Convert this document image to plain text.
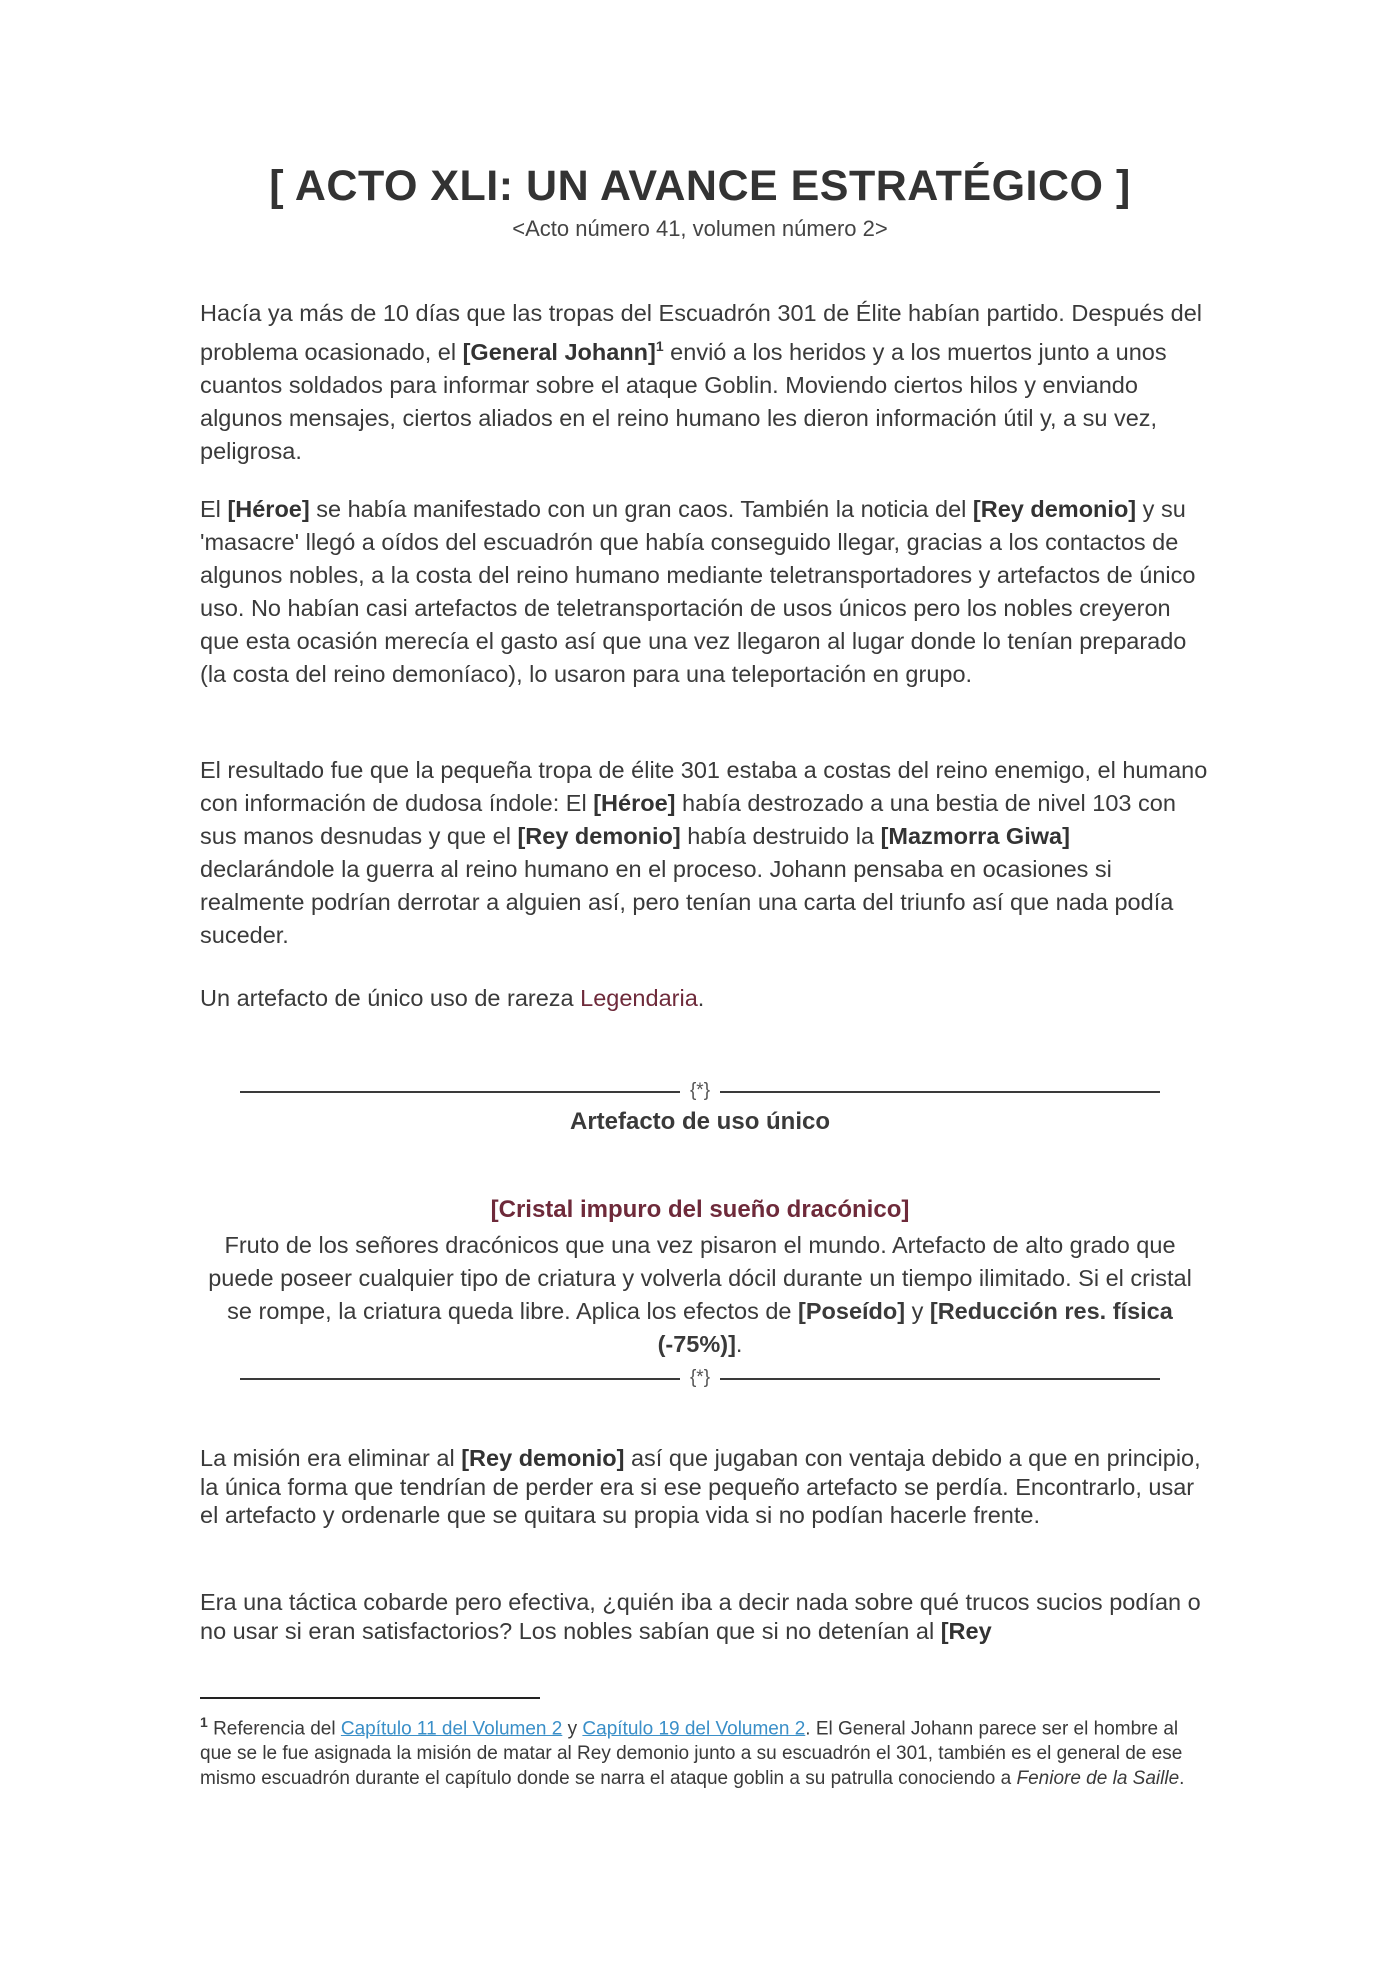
[ ACTO XLI: UN AVANCE ESTRATÉGICO ]
<Acto número 41, volumen número 2>
Hacía ya más de 10 días que las tropas del Escuadrón 301 de Élite habían partido. Después del problema ocasionado, el [General Johann]$^1$ envió a los heridos y a los muertos junto a unos cuantos soldados para informar sobre el ataque Goblin. Moviendo ciertos hilos y enviando algunos mensajes, ciertos aliados en el reino humano les dieron información útil y, a su vez, peligrosa.
El [Héroe] se había manifestado con un gran caos. También la noticia del [Rey demonio] y su 'masacre' llegó a oídos del escuadrón que había conseguido llegar, gracias a los contactos de algunos nobles, a la costa del reino humano mediante teletransportadores y artefactos de único uso. No habían casi artefactos de teletransportación de usos únicos pero los nobles creyeron que esta ocasión merecía el gasto así que una vez llegaron al lugar donde lo tenían preparado (la costa del reino demoníaco), lo usaron para una teleportación en grupo.
El resultado fue que la pequeña tropa de élite 301 estaba a costas del reino enemigo, el humano con información de dudosa índole: El [Héroe] había destrozado a una bestia de nivel 103 con sus manos desnudas y que el [Rey demonio] había destruido la [Mazmorra Giwa] declarándole la guerra al reino humano en el proceso. Johann pensaba en ocasiones si realmente podrían derrotar a alguien así, pero tenían una carta del triunfo así que nada podía suceder.
Un artefacto de único uso de rareza Legendaria.
{*}
Artefacto de uso único
[Cristal impuro del sueño dracónico]
Fruto de los señores dracónicos que una vez pisaron el mundo. Artefacto de alto grado que puede poseer cualquier tipo de criatura y volverla dócil durante un tiempo ilimitado. Si el cristal se rompe, la criatura queda libre. Aplica los efectos de [Poseído] y [Reducción res. física (-75%)].
{*}
La misión era eliminar al [Rey demonio] así que jugaban con ventaja debido a que en principio, la única forma que tendrían de perder era si ese pequeño artefacto se perdía. Encontrarlo, usar el artefacto y ordenarle que se quitara su propia vida si no podían hacerle frente.
Era una táctica cobarde pero efectiva, ¿quién iba a decir nada sobre qué trucos sucios podían o no usar si eran satisfactorios? Los nobles sabían que si no detenían al [Rey
$^1$ Referencia del Capítulo 11 del Volumen 2 y Capítulo 19 del Volumen 2. El General Johann parece ser el hombre al que se le fue asignada la misión de matar al Rey demonio junto a su escuadrón el 301, también es el general de ese mismo escuadrón durante el capítulo donde se narra el ataque goblin a su patrulla conociendo a Feniore de la Saille.
